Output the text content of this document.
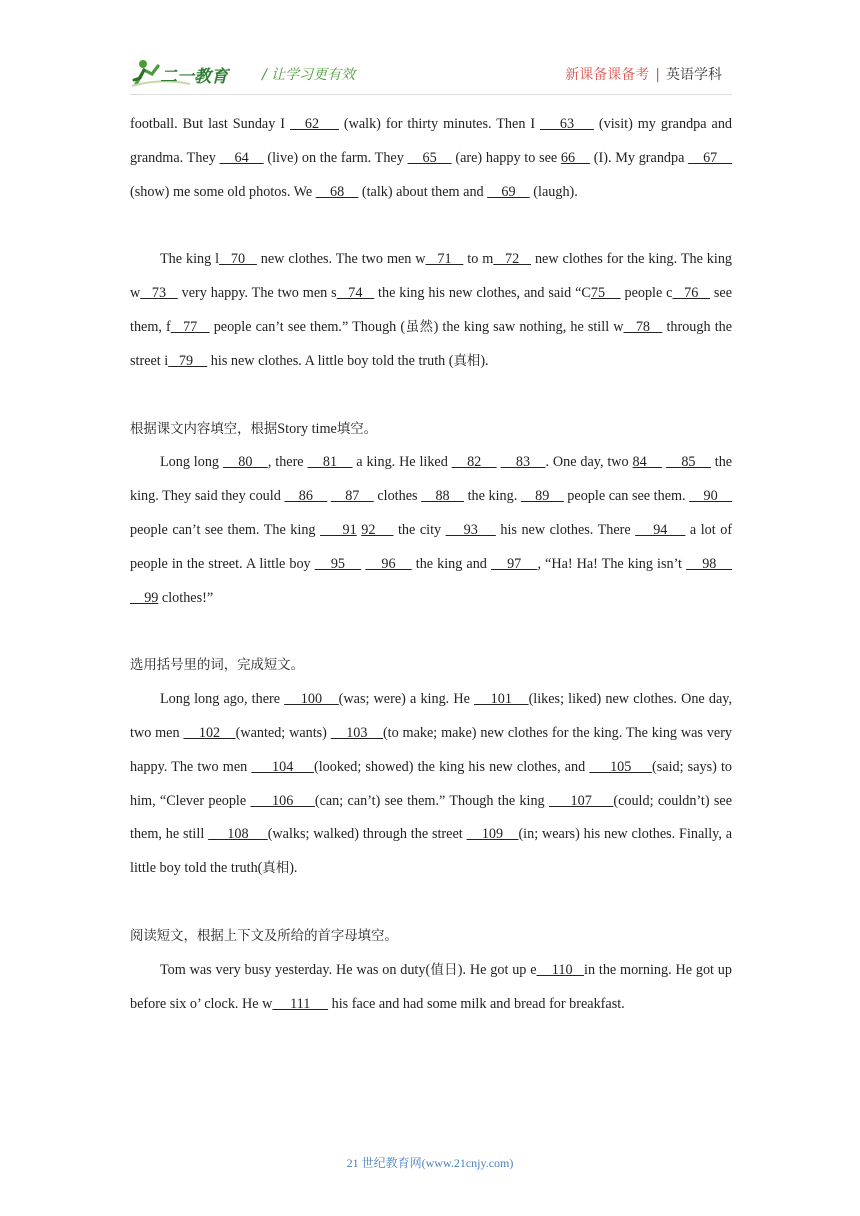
二一教育 / 让学习更有效	新课备课备考 | 英语学科

football. But last Sunday I    62     (walk) for thirty minutes. Then I     63     (visit) my grandpa and grandma. They     64     (live) on the farm. They     65     (are) happy to see 66     (I). My grandpa     67     (show) me some old photos. We     68     (talk) about them and     69     (laugh).

The king l   70    new clothes. The two men w   71    to m   72    new clothes for the king. The king w   73    very happy. The two men s   74    the king his new clothes, and said “C75     people c   76    see them, f   77    people can’t see them.” Though (虽然) the king saw nothing, he still w   78    through the street i   79     his new clothes. A little boy told the truth (真相).

根据课文内容填空，根据Story time填空。

Long long     80    , there     81     a king. He liked     82         83    . One day, two 84         85     the king. They said they could     86         87     clothes     88     the king.     89     people can see them.     90     people can’t see them. The king      91 92     the city     93     his new clothes. There     94     a lot of people in the street. A little boy     95         96     the king and     97    , “Ha! Ha! The king isn’t     98         99 clothes!”

选用括号里的词，完成短文。

Long long ago, there     100    (was; were) a king. He     101    (likes; liked) new clothes. One day, two men     102    (wanted; wants)     103    (to make; make) new clothes for the king. The king was very happy. The two men      104     (looked; showed) the king his new clothes, and      105     (said; says) to him, “Clever people      106     (can; can’t) see them.” Though the king      107     (could; couldn’t) see them, he still      108     (walks; walked) through the street     109    (in; wears) his new clothes. Finally, a little boy told the truth(真相).

阅读短文，根据上下文及所给的首字母填空。

Tom was very busy yesterday. He was on duty(值日). He got up e    110   in the morning. He got up before six o’ clock. He w     111      his face and had some milk and bread for breakfast.

21 世纪教育网(www.21cnjy.com)
